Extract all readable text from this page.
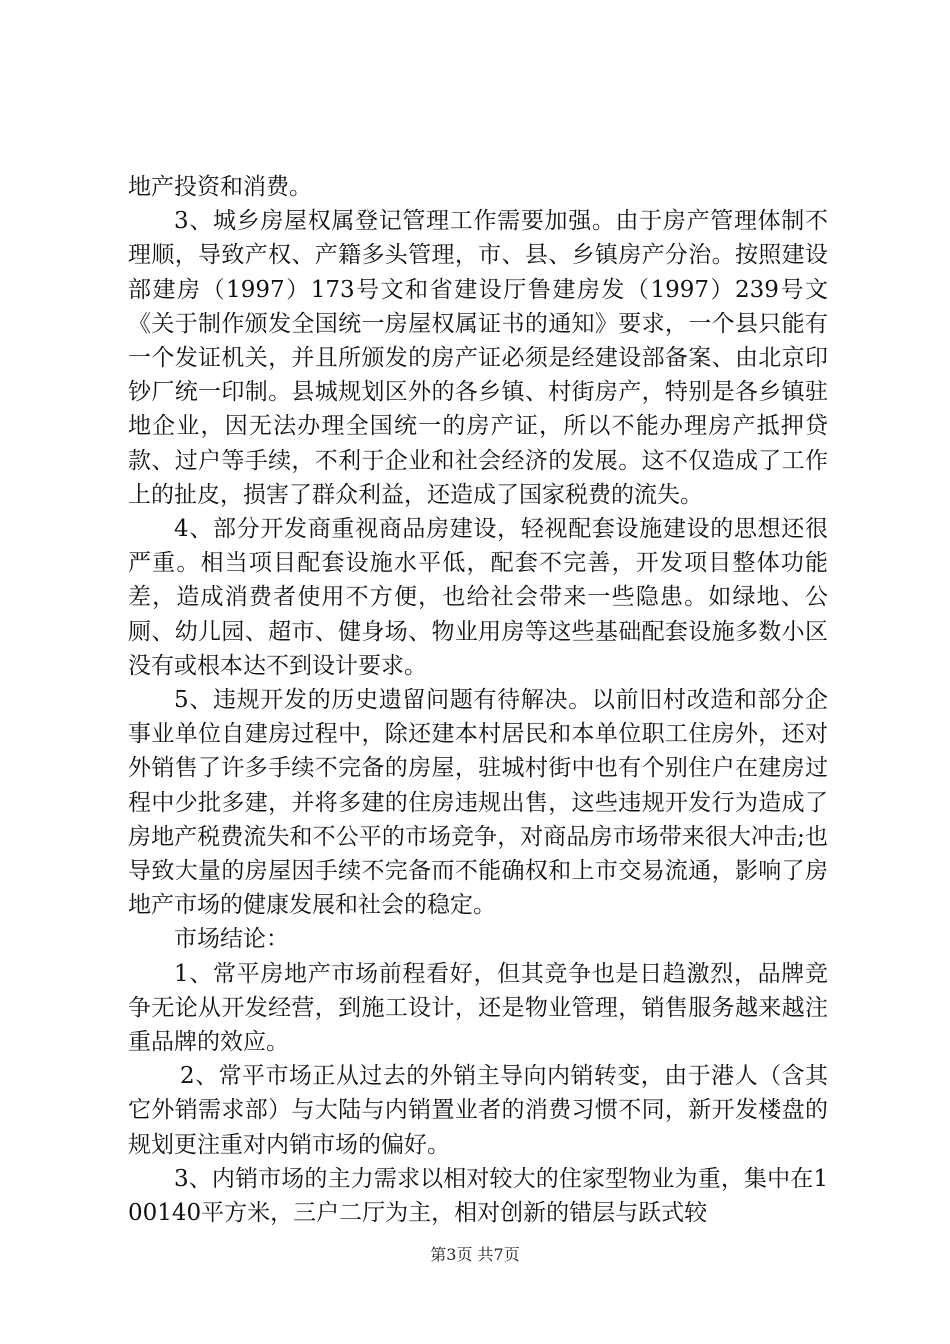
地产投资和消费。

3、城乡房屋权属登记管理工作需要加强。由于房产管理体制不理顺，导致产权、产籍多头管理，市、县、乡镇房产分治。按照建设部建房（1997）173号文和省建设厅鲁建房发（1997）239号文《关于制作颁发全国统一房屋权属证书的通知》要求，一个县只能有一个发证机关，并且所颁发的房产证必须是经建设部备案、由北京印钞厂统一印制。县城规划区外的各乡镇、村街房产，特别是各乡镇驻地企业，因无法办理全国统一的房产证，所以不能办理房产抵押贷款、过户等手续，不利于企业和社会经济的发展。这不仅造成了工作上的扯皮，损害了群众利益，还造成了国家税费的流失。

4、部分开发商重视商品房建设，轻视配套设施建设的思想还很严重。相当项目配套设施水平低，配套不完善，开发项目整体功能差，造成消费者使用不方便，也给社会带来一些隐患。如绿地、公厕、幼儿园、超市、健身场、物业用房等这些基础配套设施多数小区没有或根本达不到设计要求。

5、违规开发的历史遗留问题有待解决。以前旧村改造和部分企事业单位自建房过程中，除还建本村居民和本单位职工住房外，还对外销售了许多手续不完备的房屋，驻城村街中也有个别住户在建房过程中少批多建，并将多建的住房违规出售，这些违规开发行为造成了房地产税费流失和不公平的市场竞争，对商品房市场带来很大冲击;也导致大量的房屋因手续不完备而不能确权和上市交易流通，影响了房地产市场的健康发展和社会的稳定。

市场结论：

1、常平房地产市场前程看好，但其竞争也是日趋激烈，品牌竞争无论从开发经营，到施工设计，还是物业管理，销售服务越来越注重品牌的效应。

2、常平市场正从过去的外销主导向内销转变，由于港人（含其它外销需求部）与大陆与内销置业者的消费习惯不同，新开发楼盘的规划更注重对内销市场的偏好。

3、内销市场的主力需求以相对较大的住家型物业为重，集中在100140平方米，三户二厅为主，相对创新的错层与跃式较

第3页 共7页
